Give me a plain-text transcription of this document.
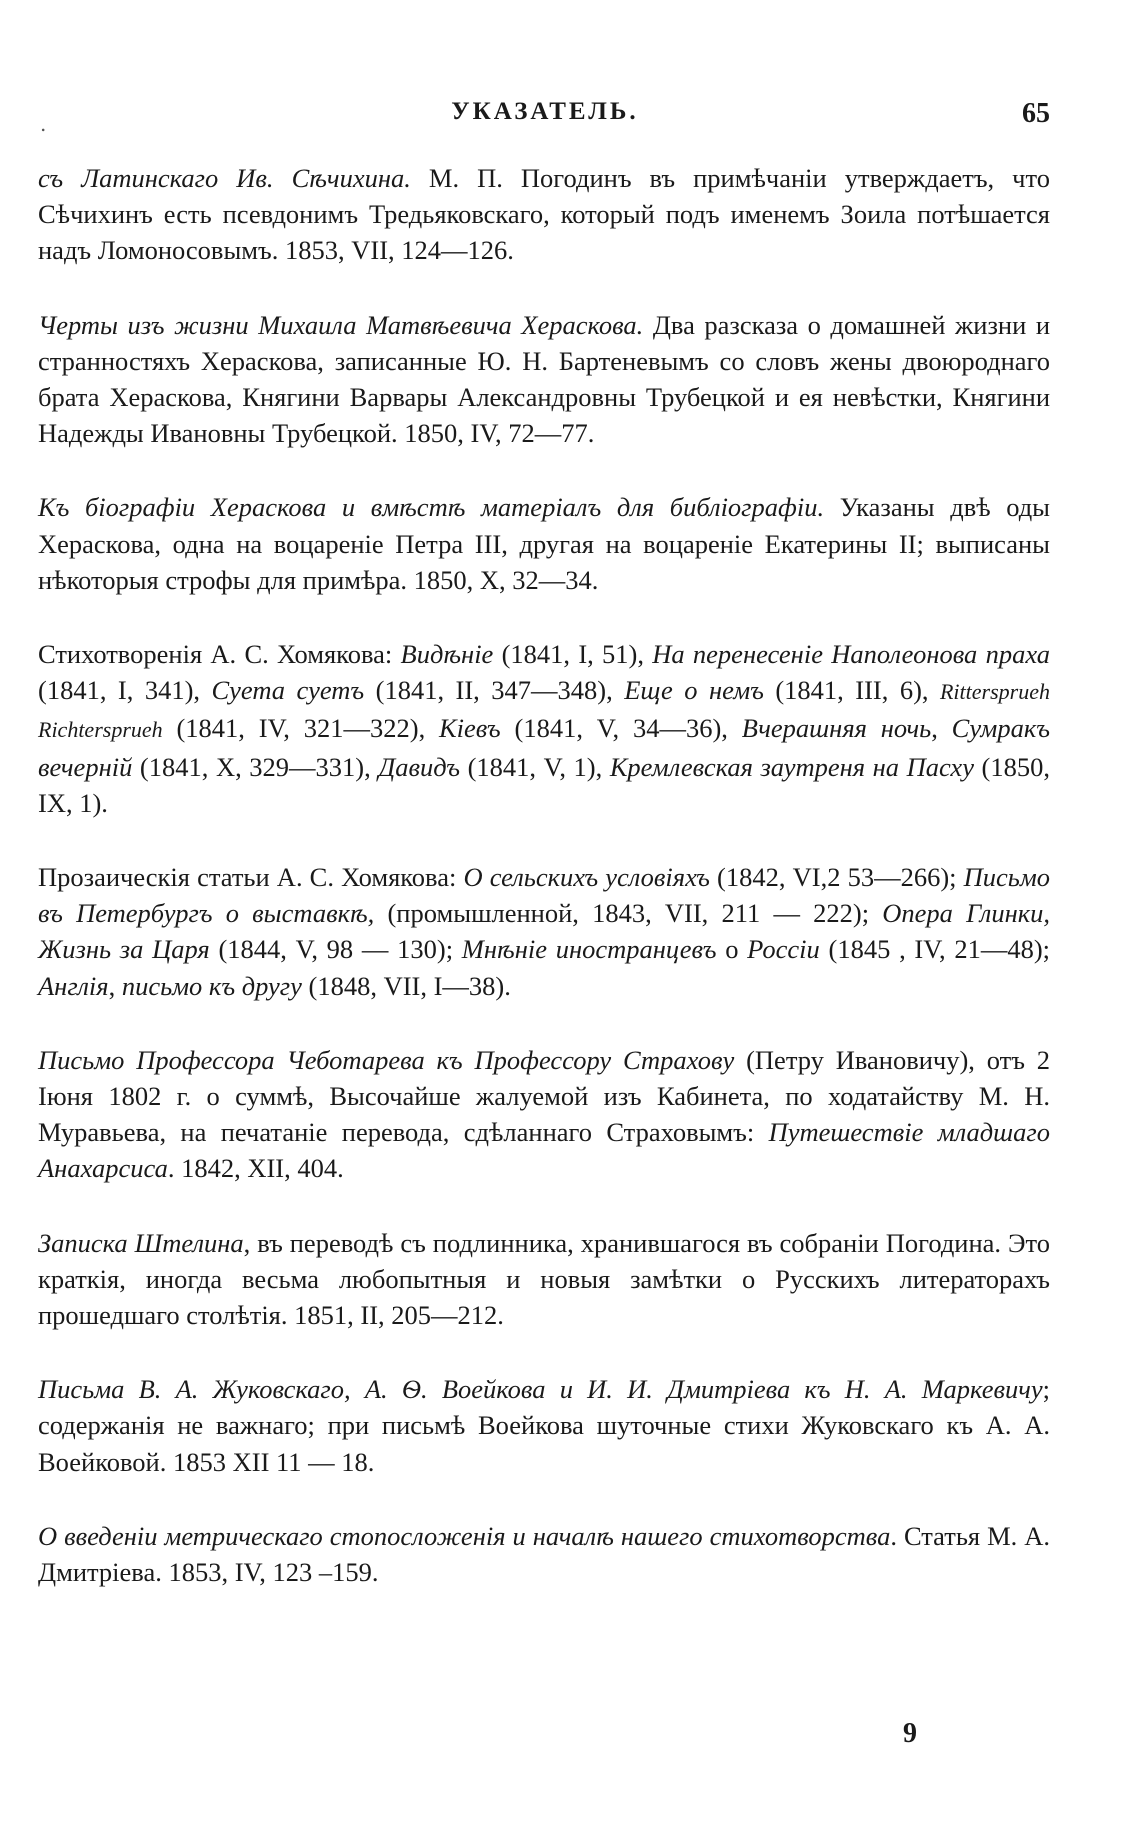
.	УКАЗАТЕЛЬ.	65

съ Латинскаго Ив. Сѣчихина. М. П. Погодинъ въ примѣчаніи утверждаетъ, что Сѣчихинъ есть псевдонимъ Тредьяковскаго, который подъ именемъ Зоила потѣшается надъ Ломоносовымъ. 1853, VII, 124—126.

Черты изъ жизни Михаила Матвѣевича Хераскова. Два разсказа о домашней жизни и странностяхъ Хераскова, записанные Ю. Н. Бартеневымъ со словъ жены двоюроднаго брата Хераскова, Княгини Варвары Александровны Трубецкой и ея невѣстки, Княгини Надежды Ивановны Трубецкой. 1850, IV, 72—77.

Къ біографіи Хераскова и вмѣстѣ матеріалъ для библіографіи. Указаны двѣ оды Хераскова, одна на воцареніе Петра III, другая на воцареніе Екатерины II; выписаны нѣкоторыя строфы для примѣра. 1850, X, 32—34.

Стихотворенія А. С. Хомякова: Видѣніе (1841, I, 51), На перенесеніе Наполеонова праха (1841, I, 341), Суета суетъ (1841, II, 347—348), Еще о немъ (1841, III, 6), Rittersprueh Richtersprueh (1841, IV, 321—322), Кіевъ (1841, V, 34—36), Вчерашняя ночь, Сумракъ вечерній (1841, X, 329—331), Давидъ (1841, V, 1), Кремлевская заутреня на Пасху (1850, IX, 1).

Прозаическія статьи А. С. Хомякова: О сельскихъ условіяхъ (1842, VI,2 53—266); Письмо въ Петербургъ о выставкѣ, (промышленной, 1843, VII, 211 — 222); Опера Глинки, Жизнь за Царя (1844, V, 98 — 130); Мнѣніе иностранцевъ о Россіи (1845 , IV, 21—48); Англія, письмо къ другу (1848, VII, I—38).

Письмо Профессора Чеботарева къ Профессору Страхову (Петру Ивановичу), отъ 2 Іюня 1802 г. о суммѣ, Высочайше жалуемой изъ Кабинета, по ходатайству М. Н. Муравьева, на печатаніе перевода, сдѣланнаго Страховымъ: Путешествіе младшаго Анахарсиса. 1842, XII, 404.

Записка Штелина, въ переводѣ съ подлинника, хранившагося въ собраніи Погодина. Это краткія, иногда весьма любопытныя и новыя замѣтки о Русскихъ литераторахъ прошедшаго столѣтія. 1851, II, 205—212.

Письма В. А. Жуковскаго, А. Ѳ. Воейкова и И. И. Дмитріева къ Н. А. Маркевичу; содержанія не важнаго; при письмѣ Воейкова шуточные стихи Жуковскаго къ А. А. Воейковой. 1853 XII 11 — 18.

О введеніи метрическаго стопосложенія и началѣ нашего стихотворства. Статья М. А. Дмитріева. 1853, IV, 123 –159.

9
